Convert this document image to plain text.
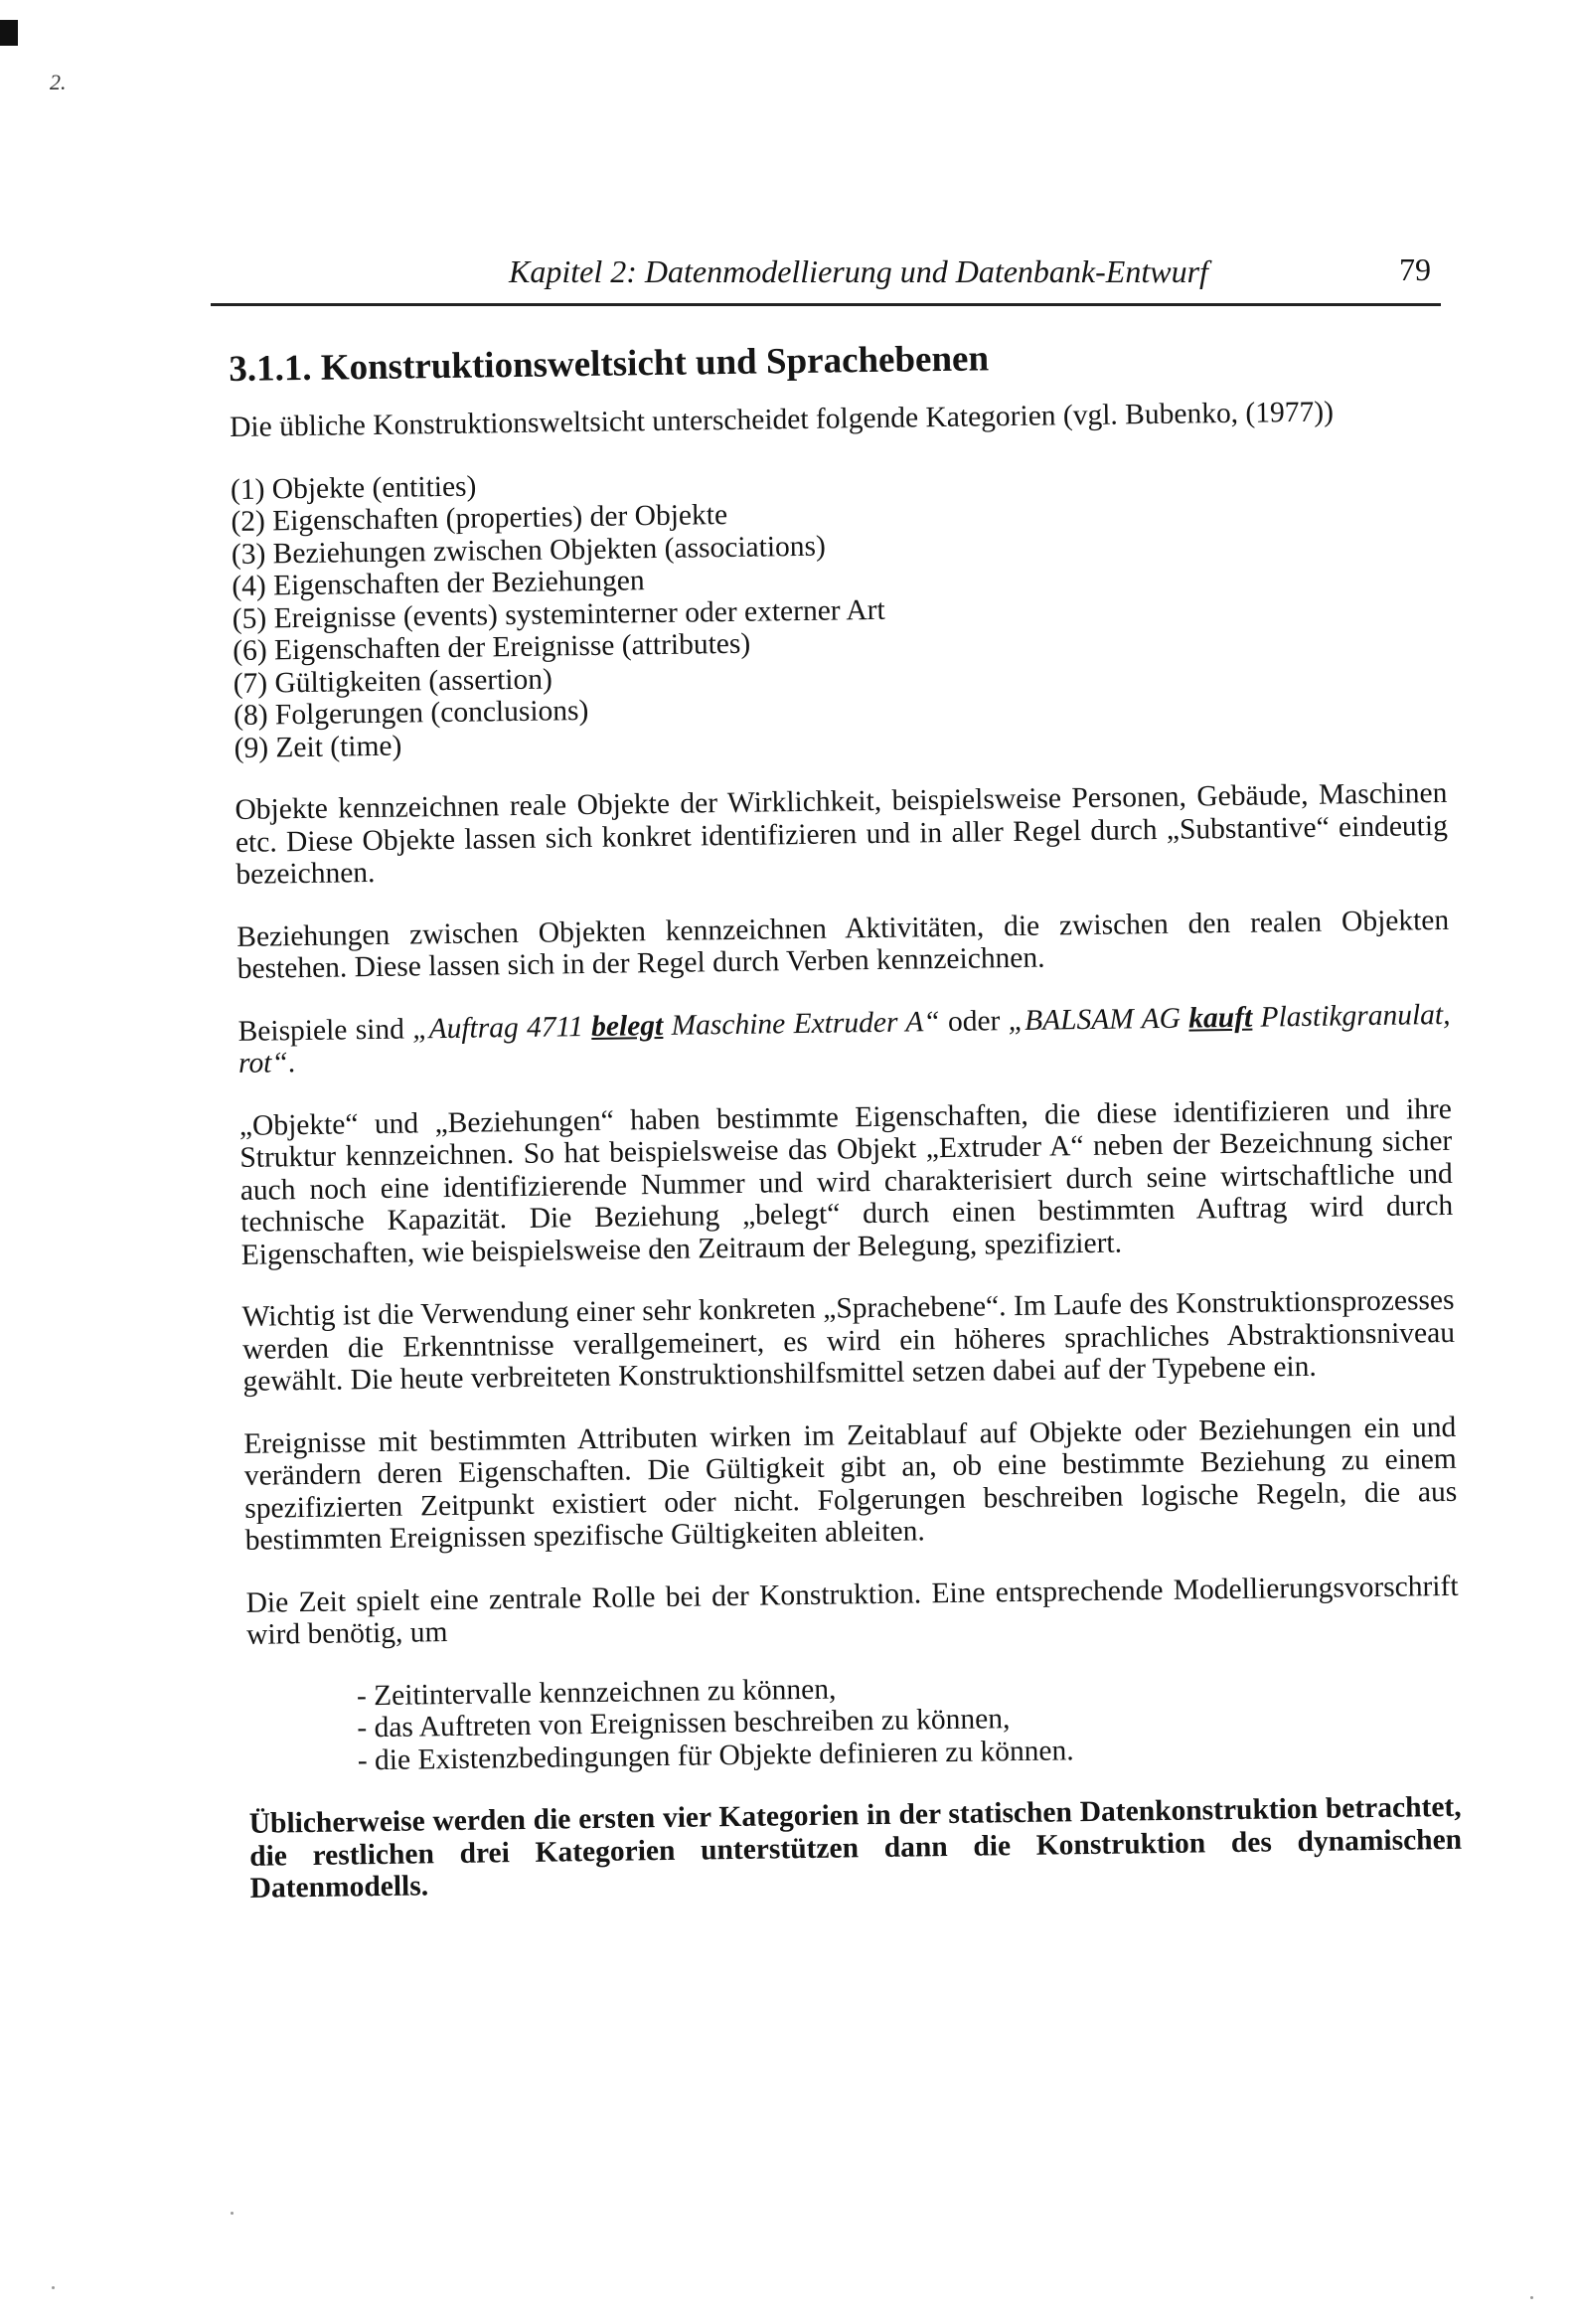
2.
Kapitel 2: Datenmodellierung und Datenbank-Entwurf	79
3.1.1. Konstruktionsweltsicht und Sprachebenen

Die übliche Konstruktionsweltsicht unterscheidet folgende Kategorien (vgl. Bubenko, (1977))

(1) Objekte (entities)
(2) Eigenschaften (properties) der Objekte
(3) Beziehungen zwischen Objekten (associations)
(4) Eigenschaften der Beziehungen
(5) Ereignisse (events) systeminterner oder externer Art
(6) Eigenschaften der Ereignisse (attributes)
(7) Gültigkeiten (assertion)
(8) Folgerungen (conclusions)
(9) Zeit (time)

Objekte kennzeichnen reale Objekte der Wirklichkeit, beispielsweise Personen, Gebäude, Maschinen etc. Diese Objekte lassen sich konkret identifizieren und in aller Regel durch „Substantive“ eindeutig bezeichnen.

Beziehungen zwischen Objekten kennzeichnen Aktivitäten, die zwischen den realen Objekten bestehen. Diese lassen sich in der Regel durch Verben kennzeichnen.

Beispiele sind „Auftrag 4711 belegt Maschine Extruder A“ oder „BALSAM AG kauft Plastikgranulat, rot“.

„Objekte“ und „Beziehungen“ haben bestimmte Eigenschaften, die diese identifizieren und ihre Struktur kennzeichnen. So hat beispielsweise das Objekt „Extruder A“ neben der Bezeichnung sicher auch noch eine identifizierende Nummer und wird charakterisiert durch seine wirtschaftliche und technische Kapazität. Die Beziehung „belegt“ durch einen bestimmten Auftrag wird durch Eigenschaften, wie beispielsweise den Zeitraum der Belegung, spezifiziert.

Wichtig ist die Verwendung einer sehr konkreten „Sprachebene“. Im Laufe des Konstruktionsprozesses werden die Erkenntnisse verallgemeinert, es wird ein höheres sprachliches Abstraktionsniveau gewählt. Die heute verbreiteten Konstruktionshilfsmittel setzen dabei auf der Typebene ein.

Ereignisse mit bestimmten Attributen wirken im Zeitablauf auf Objekte oder Beziehungen ein und verändern deren Eigenschaften. Die Gültigkeit gibt an, ob eine bestimmte Beziehung zu einem spezifizierten Zeitpunkt existiert oder nicht. Folgerungen beschreiben logische Regeln, die aus bestimmten Ereignissen spezifische Gültigkeiten ableiten.

Die Zeit spielt eine zentrale Rolle bei der Konstruktion. Eine entsprechende Modellierungsvorschrift wird benötig, um

- Zeitintervalle kennzeichnen zu können,
- das Auftreten von Ereignissen beschreiben zu können,
- die Existenzbedingungen für Objekte definieren zu können.

Üblicherweise werden die ersten vier Kategorien in der statischen Datenkonstruktion betrachtet, die restlichen drei Kategorien unterstützen dann die Konstruktion des dynamischen Datenmodells.
